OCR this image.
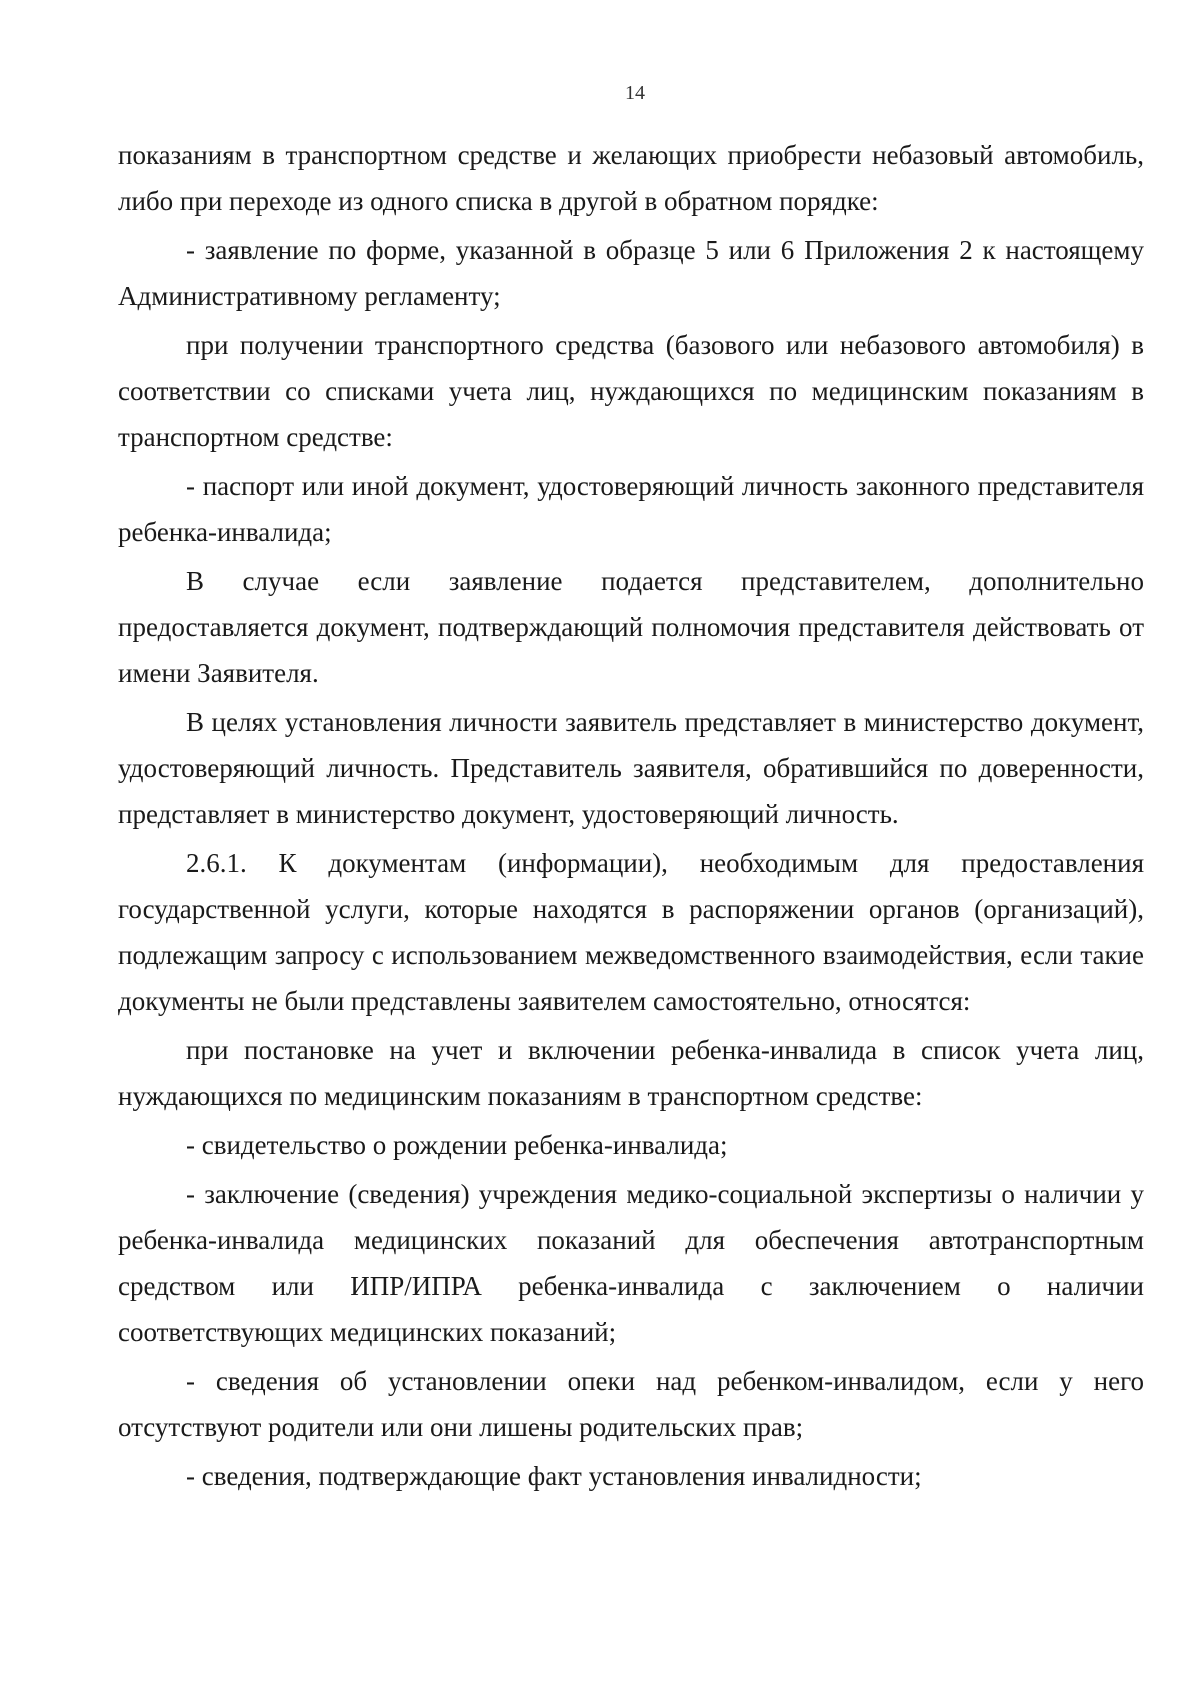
14

показаниям в транспортном средстве и желающих приобрести небазовый автомобиль, либо при переходе из одного списка в другой в обратном порядке:

- заявление по форме, указанной в образце 5 или 6 Приложения 2 к настоящему Административному регламенту;

при получении транспортного средства (базового или небазового автомобиля) в соответствии со списками учета лиц, нуждающихся по медицинским показаниям в транспортном средстве:

- паспорт или иной документ, удостоверяющий личность законного представителя ребенка-инвалида;

В случае если заявление подается представителем, дополнительно предоставляется документ, подтверждающий полномочия представителя действовать от имени Заявителя.

В целях установления личности заявитель представляет в министерство документ, удостоверяющий личность. Представитель заявителя, обратившийся по доверенности, представляет в министерство документ, удостоверяющий личность.

2.6.1. К документам (информации), необходимым для предоставления государственной услуги, которые находятся в распоряжении органов (организаций), подлежащим запросу с использованием межведомственного взаимодействия, если такие документы не были представлены заявителем самостоятельно, относятся:

при постановке на учет и включении ребенка-инвалида в список учета лиц, нуждающихся по медицинским показаниям в транспортном средстве:

- свидетельство о рождении ребенка-инвалида;

- заключение (сведения) учреждения медико-социальной экспертизы о наличии у ребенка-инвалида медицинских показаний для обеспечения автотранспортным средством или ИПР/ИПРА ребенка-инвалида с заключением о наличии соответствующих медицинских показаний;

- сведения об установлении опеки над ребенком-инвалидом, если у него отсутствуют родители или они лишены родительских прав;

- сведения, подтверждающие факт установления инвалидности;
